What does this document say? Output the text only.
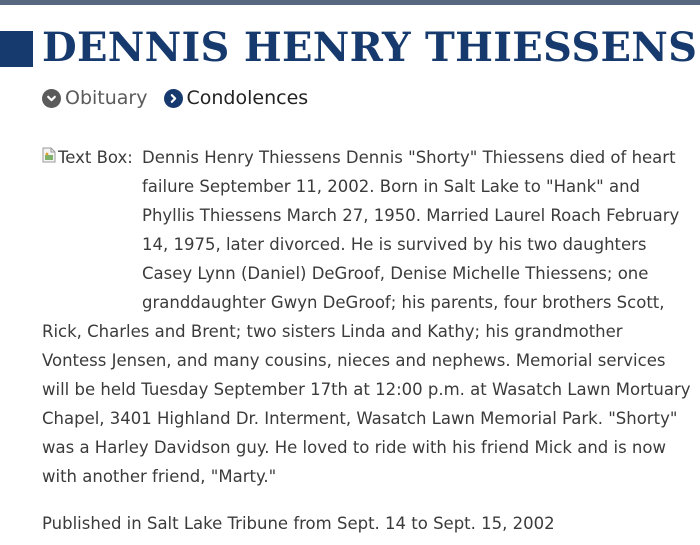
DENNIS HENRY THIESSENS
Obituary Condolences
Text Box: Dennis Henry Thiessens Dennis "Shorty" Thiessens died of heart failure September 11, 2002. Born in Salt Lake to "Hank" and Phyllis Thiessens March 27, 1950. Married Laurel Roach February 14, 1975, later divorced. He is survived by his two daughters Casey Lynn (Daniel) DeGroof, Denise Michelle Thiessens; one granddaughter Gwyn DeGroof; his parents, four brothers Scott, Rick, Charles and Brent; two sisters Linda and Kathy; his grandmother Vontess Jensen, and many cousins, nieces and nephews. Memorial services will be held Tuesday September 17th at 12:00 p.m. at Wasatch Lawn Mortuary Chapel, 3401 Highland Dr. Interment, Wasatch Lawn Memorial Park. "Shorty" was a Harley Davidson guy. He loved to ride with his friend Mick and is now with another friend, "Marty."

Published in Salt Lake Tribune from Sept. 14 to Sept. 15, 2002
